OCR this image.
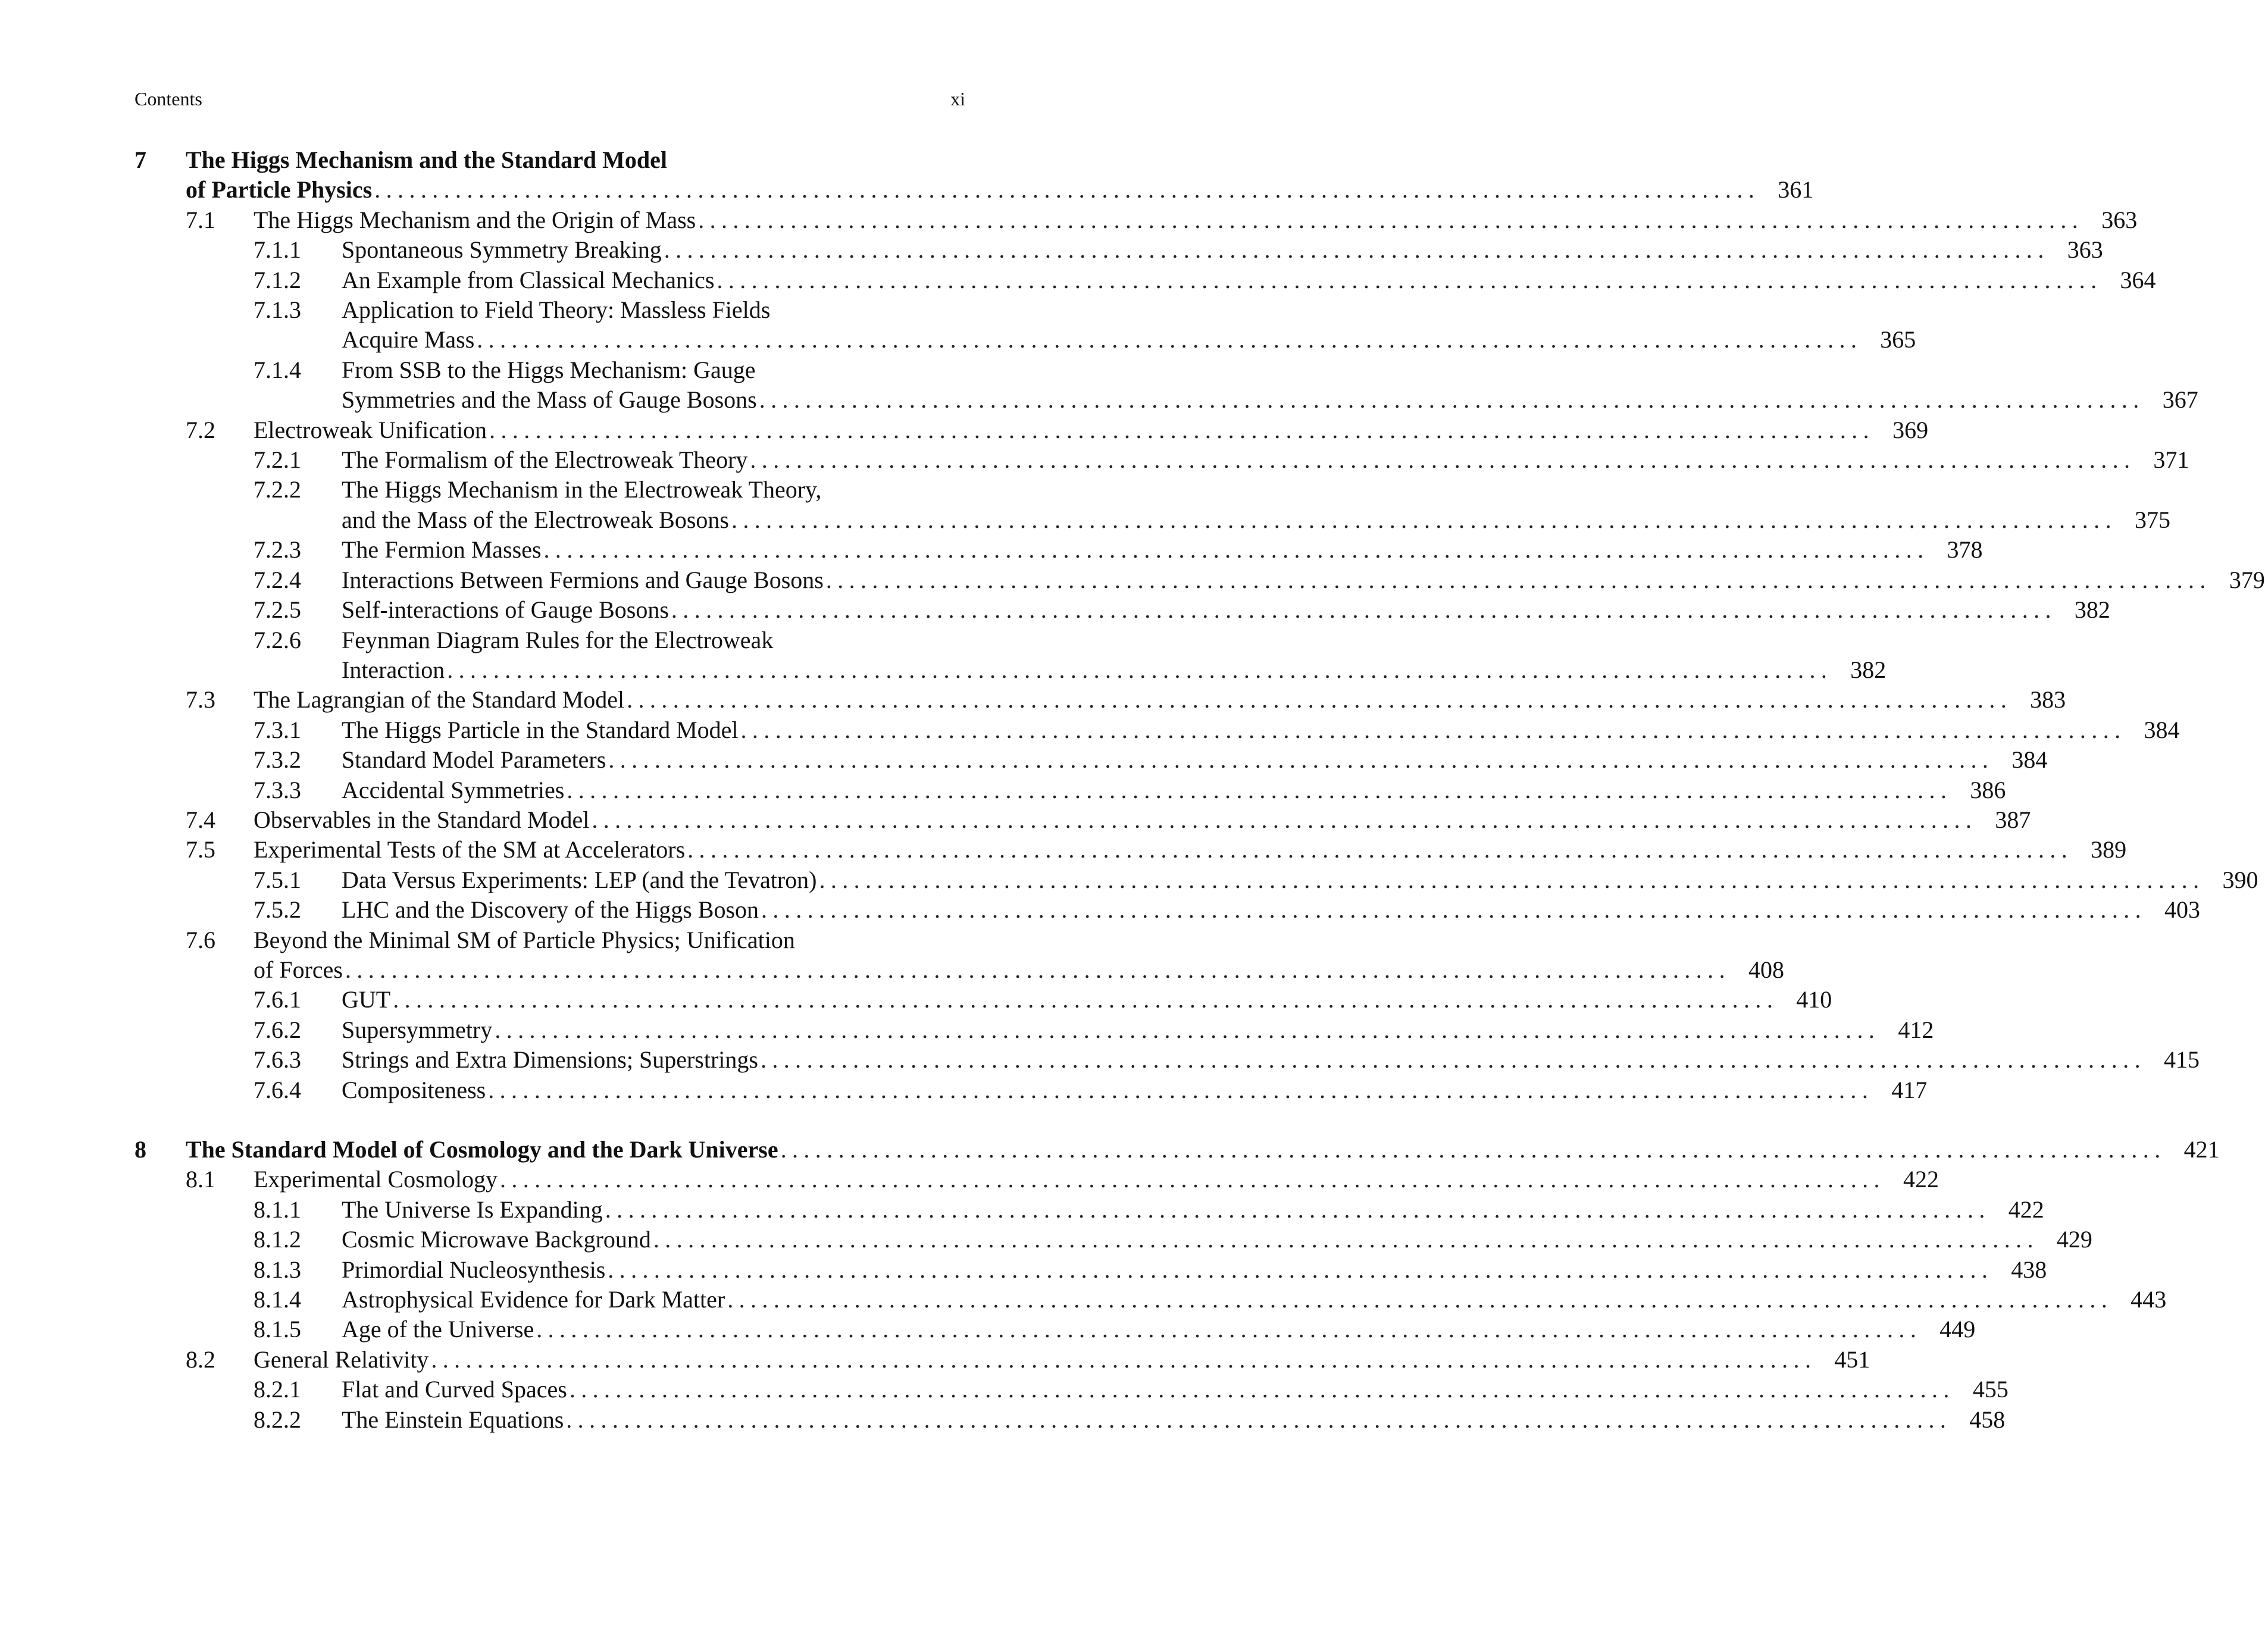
Contents	xi
7 The Higgs Mechanism and the Standard Model
of Particle Physics ........................................................................................................................ 361
7.1 The Higgs Mechanism and the Origin of Mass ........................................................................................................................ 363
7.1.1 Spontaneous Symmetry Breaking ........................................................................................................................ 363
7.1.2 An Example from Classical Mechanics ........................................................................................................................ 364
7.1.3 Application to Field Theory: Massless Fields
Acquire Mass ........................................................................................................................ 365
7.1.4 From SSB to the Higgs Mechanism: Gauge
Symmetries and the Mass of Gauge Bosons ........................................................................................................................ 367
7.2 Electroweak Unification ........................................................................................................................ 369
7.2.1 The Formalism of the Electroweak Theory ........................................................................................................................ 371
7.2.2 The Higgs Mechanism in the Electroweak Theory,
and the Mass of the Electroweak Bosons ........................................................................................................................ 375
7.2.3 The Fermion Masses ........................................................................................................................ 378
7.2.4 Interactions Between Fermions and Gauge Bosons ........................................................................................................................ 379
7.2.5 Self-interactions of Gauge Bosons ........................................................................................................................ 382
7.2.6 Feynman Diagram Rules for the Electroweak
Interaction ........................................................................................................................ 382
7.3 The Lagrangian of the Standard Model ........................................................................................................................ 383
7.3.1 The Higgs Particle in the Standard Model ........................................................................................................................ 384
7.3.2 Standard Model Parameters ........................................................................................................................ 384
7.3.3 Accidental Symmetries ........................................................................................................................ 386
7.4 Observables in the Standard Model ........................................................................................................................ 387
7.5 Experimental Tests of the SM at Accelerators ........................................................................................................................ 389
7.5.1 Data Versus Experiments: LEP (and the Tevatron) ........................................................................................................................ 390
7.5.2 LHC and the Discovery of the Higgs Boson ........................................................................................................................ 403
7.6 Beyond the Minimal SM of Particle Physics; Unification
of Forces ........................................................................................................................ 408
7.6.1 GUT ........................................................................................................................ 410
7.6.2 Supersymmetry ........................................................................................................................ 412
7.6.3 Strings and Extra Dimensions; Superstrings ........................................................................................................................ 415
7.6.4 Compositeness ........................................................................................................................ 417
8 The Standard Model of Cosmology and the Dark Universe ........................................................................................................................ 421
8.1 Experimental Cosmology ........................................................................................................................ 422
8.1.1 The Universe Is Expanding ........................................................................................................................ 422
8.1.2 Cosmic Microwave Background ........................................................................................................................ 429
8.1.3 Primordial Nucleosynthesis ........................................................................................................................ 438
8.1.4 Astrophysical Evidence for Dark Matter ........................................................................................................................ 443
8.1.5 Age of the Universe ........................................................................................................................ 449
8.2 General Relativity ........................................................................................................................ 451
8.2.1 Flat and Curved Spaces ........................................................................................................................ 455
8.2.2 The Einstein Equations ........................................................................................................................ 458
